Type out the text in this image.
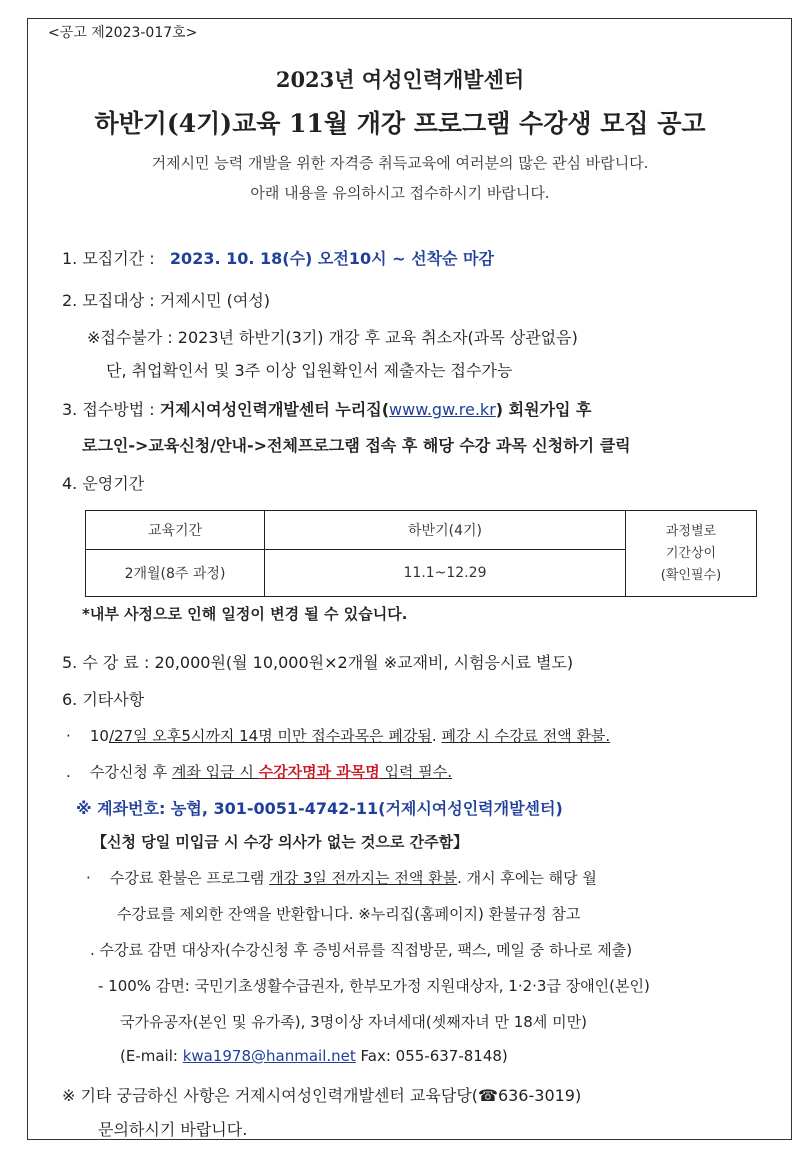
<공고 제2023-017호>
2023년 여성인력개발센터
하반기(4기)교육 11월 개강 프로그램 수강생 모집 공고
거제시민 능력 개발을 위한 자격증 취득교육에 여러분의 많은 관심 바랍니다.
아래 내용을 유의하시고 접수하시기 바랍니다.
1. 모집기간 : 2023. 10. 18(수) 오전10시 ~ 선착순 마감
2. 모집대상 : 거제시민 (여성)
※접수불가 : 2023년 하반기(3기) 개강 후 교육 취소자(과목 상관없음)
단, 취업확인서 및 3주 이상 입원확인서 제출자는 접수가능
3. 접수방법 : 거제시여성인력개발센터 누리집(www.gw.re.kr) 회원가입 후
로그인->교육신청/안내->전체프로그램 접속 후 해당 수강 과목 신청하기 클릭
4. 운영기간
교육기간	하반기(4기)	과정별로
기간상이
(확인필수)

2개월(8주 과정)	11.1~12.29	
*내부 사정으로 인해 일정이 변경 될 수 있습니다.
5. 수 강 료 : 20,000원(월 10,000원×2개월 ※교재비, 시험응시료 별도)
6. 기타사항
· 10/27일 오후5시까지 14명 미만 접수과목은 폐강됨. 폐강 시 수강료 전액 환불.
. 수강신청 후 계좌 입금 시 수강자명과 과목명 입력 필수.
※ 계좌번호: 농협, 301-0051-4742-11(거제시여성인력개발센터)
【신청 당일 미입금 시 수강 의사가 없는 것으로 간주함】
· 수강료 환불은 프로그램 개강 3일 전까지는 전액 환불. 개시 후에는 해당 월
수강료를 제외한 잔액을 반환합니다. ※누리집(홈페이지) 환불규정 참고
. 수강료 감면 대상자(수강신청 후 증빙서류를 직접방문, 팩스, 메일 중 하나로 제출)
- 100% 감면: 국민기초생활수급권자, 한부모가정 지원대상자, 1·2·3급 장애인(본인)
국가유공자(본인 및 유가족), 3명이상 자녀세대(셋째자녀 만 18세 미만)
(E-mail: kwa1978@hanmail.net Fax: 055-637-8148)
※ 기타 궁금하신 사항은 거제시여성인력개발센터 교육담당(☎636-3019)
문의하시기 바랍니다.
